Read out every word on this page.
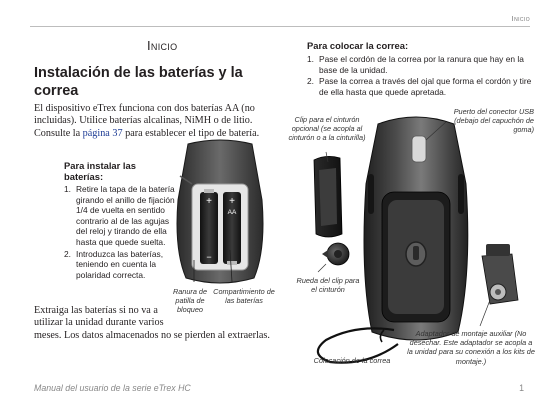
Inicio
Inicio
Instalación de las baterías y la correa
El dispositivo eTrex funciona con dos baterías AA (no incluidas). Utilice baterías alcalinas, NiMH o de litio. Consulte la página 37 para establecer el tipo de batería.
Para instalar las baterías:
1. Retire la tapa de la batería girando el anillo de fijación 1/4 de vuelta en sentido contrario al de las agujas del reloj y tirando de ella hasta que quede suelta.
2. Introduzca las baterías, teniendo en cuenta la polaridad correcta.
−
+
AA
+
Ranura de patilla de bloqueo
Compartimiento de las baterías
Extraiga las baterías si no va a utilizar la unidad durante varios
meses. Los datos almacenados no se pierden al extraerlas.
Para colocar la correa:
1. Pase el cordón de la correa por la ranura que hay en la base de la unidad.
2. Pase la correa a través del ojal que forma el cordón y tire de ella hasta que quede apretada.
Clip para el cinturón opcional (se acopla al cinturón o a la cinturilla)
Puerto del conector USB (debajo del capuchón de goma)
Rueda del clip para el cinturón
Adaptador de montaje auxiliar (No desechar. Este adaptador se acopla a la unidad para su conexión a los kits de montaje.)
Colocación de la correa
Manual del usuario de la serie eTrex HC	1
